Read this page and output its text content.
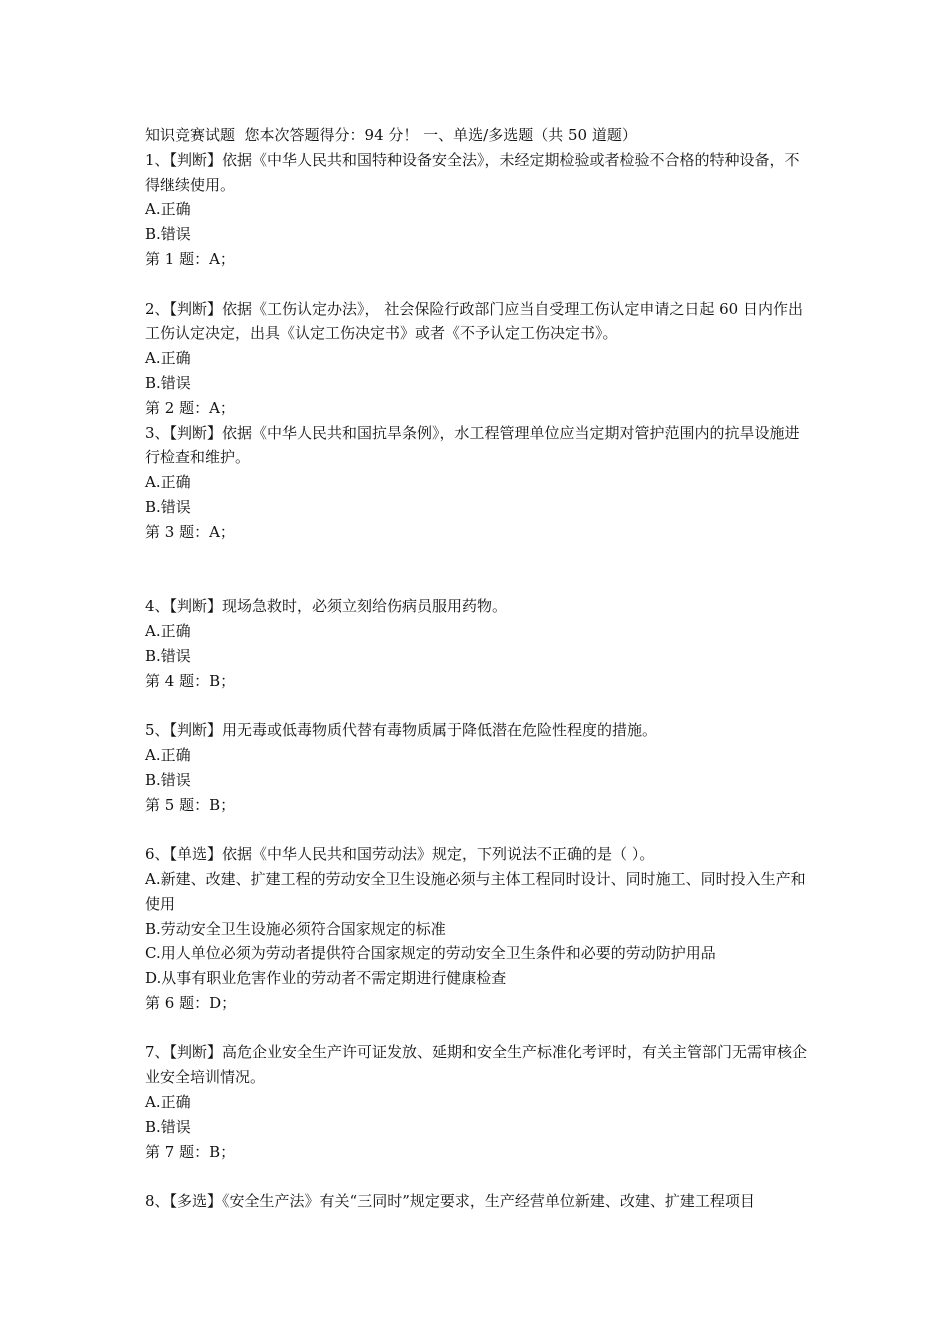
知识竞赛试题  您本次答题得分：94 分！ 一、单选/多选题（共 50 道题）
1、【判断】依据《中华人民共和国特种设备安全法》，未经定期检验或者检验不合格的特种设备，不得继续使用。
A.正确
B.错误
第 1 题：A；
2、【判断】依据《工伤认定办法》， 社会保险行政部门应当自受理工伤认定申请之日起 60 日内作出工伤认定决定，出具《认定工伤决定书》或者《不予认定工伤决定书》。
A.正确
B.错误
第 2 题：A；
3、【判断】依据《中华人民共和国抗旱条例》，水工程管理单位应当定期对管护范围内的抗旱设施进行检查和维护。
A.正确
B.错误
第 3 题：A；
4、【判断】现场急救时，必须立刻给伤病员服用药物。
A.正确
B.错误
第 4 题：B；
5、【判断】用无毒或低毒物质代替有毒物质属于降低潜在危险性程度的措施。
A.正确
B.错误
第 5 题：B；
6、【单选】依据《中华人民共和国劳动法》规定，下列说法不正确的是（ ）。
A.新建、改建、扩建工程的劳动安全卫生设施必须与主体工程同时设计、同时施工、同时投入生产和使用
B.劳动安全卫生设施必须符合国家规定的标准
C.用人单位必须为劳动者提供符合国家规定的劳动安全卫生条件和必要的劳动防护用品
D.从事有职业危害作业的劳动者不需定期进行健康检查
第 6 题：D；
7、【判断】高危企业安全生产许可证发放、延期和安全生产标准化考评时，有关主管部门无需审核企业安全培训情况。
A.正确
B.错误
第 7 题：B；
8、【多选】《安全生产法》有关“三同时”规定要求，生产经营单位新建、改建、扩建工程项目
